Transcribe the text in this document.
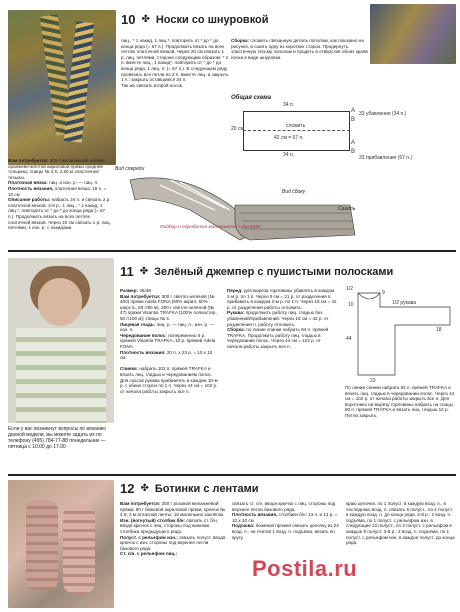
10 ✤ Носки со шнуровкой
лиц., * 1 накид, 1 лиц.*, повторить от * до * до конца ряда (= 67 п.). Продолжать вязать на всех петлях платочной вязкой. Через 20 см связать 1 р. лиц. петлями, стороне следующим образом: * 2 п. вместе лиц., 1 накид*, повторить от * до * до конца ряда, 1 лиц. п. (= 67 п.). В следующем ряду провязать все петли по 2 п. вместе лиц. и закрыть 1 п.; закрыть оставшиеся 34 п.
Так же связать второй носок.
Сборка: сложить связанную деталь пополам, как показано на рисунке, и сшить одну из коротких сторон. Продернуть эластичную тесьму пополам и продеть в отверстия обоих краёв носка в виде шнуровки.
Общая схема
34 п.
сложить
42 см = 67 п.
20 см
34 п.
A
B
33 убавления (34 п.)
A
B
33 прибавления (67 п.)
Вам потребуется: 300 г меланжевой зелёно-оранжево-жёлтой акриловой пряжи средней толщины; спицы № 4,5; 2,50 м эластичной тесьмы.
Платочная вязка: лиц. и изн. р. — лиц. п.
Плотность вязания, платочная вязка: 16 п. = 10 см
Описание работы: набрать 34 п. и связать 2 р. платочной вязкой. 3-й р.: 1 лиц., * 1 накид, 1 лиц.*, повторить от * до * до конца ряда (= 67 п.). Продолжать вязать на всех петлях платочной вязкой. Через 20 см связать 1 р. лиц. петлями, 1 изн. р. с накидами.
Вид спереди
Вид сбоку
Сшить
Подбор и обработка материалов • ДиНаМа
11 ✤ Зелёный джемпер с пушистыми полосками
Размер: 46/48
Вам потребуется: 300 г светло-зелёной (№ 400) пряжи Adela FONA (50% акрил, 50% шерсть, 50 г/90 м), 200 г светло-зелёной (№ 47) пряжи Visantia TRAFKA (100% полиэстер, 50 г/100 м); спицы № 4.
Лицевая гладь: лиц. р. — лиц. п., изн. р. — изн. п.
Чередование полос: попеременно 6 р. пряжей Visantia TRAFKA, 10 р. пряжей Adela FONA.
Плотность вязания: 20 п. x 23 р. = 10 x 10 см.

Спинка: набрать 102 п. пряжей TRAFKA и вязать лиц. гладью и чередованием полос. Для скосов рукава прибавлять в каждом 10-м р. с обеих сторон по 1 п. Через 44 см = 102 р. от начала работы закрыть все п.
Перед: для выреза горловины убавлять в каждом 2-м р. по 1 п. Через 9 см = 21 р. от разделения п. прибавить в каждом 2-м р. по 1 п. Через 18 см = 42 р. от разделения работы отложить.
Рукава: продолжить работу лиц. гладью без убавлений/прибавлений. Через 18 см = 42 р. от разделения п. работу отложить.
Сборка: по линии спинки набрать 94 п. пряжей TRAFKA. Продолжить работу лиц. гладью в чередовании полос. Через 44 см = 102 р. от начала работы закрыть все п.
1/2 рукава
1/2
23
10
44
18
9
По линии спинки набрать 94 п. пряжей TRAFKA и вязать лиц. гладью в чередовании полос. Через 44 см = 102 р. от начала работы закрыть все п. Для воротника на вырезу горловины набрать на спицы 80 п. пряжей TRAFKA и вязать лиц. гладью 12 р. Петли закрыть.
Если у вас возникнут вопросы по вязанию данной модели, вы можете задать их по телефону (495) 784-77-88 понедельник — пятница с 10.00 до 17.00
12 ✤ Ботинки с лентами
Вам потребуется: 250 г розовой меланжевой пряжи; 80 г бежевой акриловой пряжи; крючок № 4,5; 2 м атласной ленты; 16 маленьких заклёпок.
Изн. (вогнутый) столбик б/н: связать ст. б/н, вводя крючок с лиц. стороны под нижнюю столбика предыдущего ряда.
Полуст. с рельефом изн.: связать полуст. вводя крючок с изн. стороны под верхнее петли базового ряда.
Ст. с/н. с рельефом лиц.:
связать ст. с/н, вводя крючок с лиц. стороны под верхнее петли базового ряда.
Плотность вязания, столбики б/н: 13 п. и 14 р. = 10 x 10 см
Подошва: бежевой пряжей связать цепочку из 24 возд. п., не считая 1 возд. п. подъёма, вязать по кругу.
краю цепочки, по 1 полуст. в каждую возд. п., в последнюю возд. п. связать 5 полуст., по 1 полуст. в каждую возд. п. до конца ряда. 2-й р.: 2 возд. п. подъёма, по 1 полуст. с рельефом изн. в следующие 22 полуст., по 2 полуст. с рельефом в каждые 5 полуст. 3-й р.: 2 возд. п. подъёма, по 1 полуст. с рельефом изн. в каждое полуст. до конца ряда.
Postila.ru
